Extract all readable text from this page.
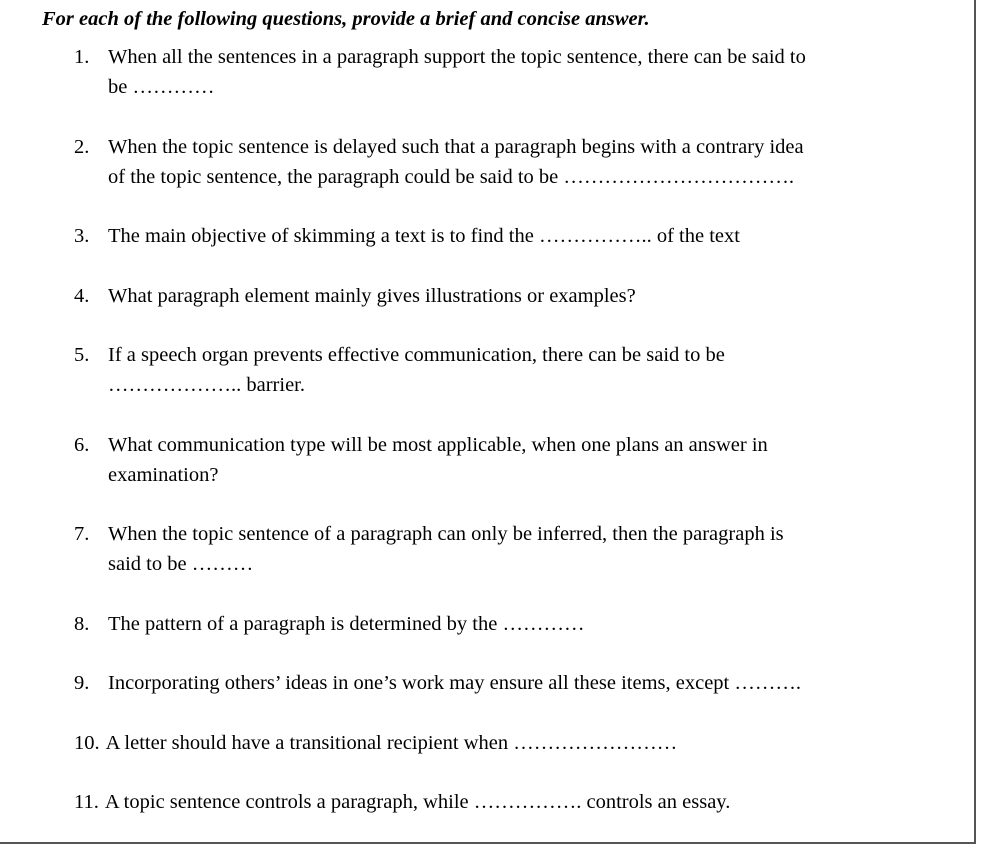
For each of the following questions, provide a brief and concise answer.
1. When all the sentences in a paragraph support the topic sentence, there can be said to
be …………
2. When the topic sentence is delayed such that a paragraph begins with a contrary idea
of the topic sentence, the paragraph could be said to be …………………………….
3. The main objective of skimming a text is to find the …………….. of the text
4. What paragraph element mainly gives illustrations or examples?
5. If a speech organ prevents effective communication, there can be said to be
……………….. barrier.
6. What communication type will be most applicable, when one plans an answer in
examination?
7. When the topic sentence of a paragraph can only be inferred, then the paragraph is
said to be ………
8. The pattern of a paragraph is determined by the …………
9. Incorporating others’ ideas in one’s work may ensure all these items, except ……….
10. A letter should have a transitional recipient when ……………………
11. A topic sentence controls a paragraph, while ……………. controls an essay.
